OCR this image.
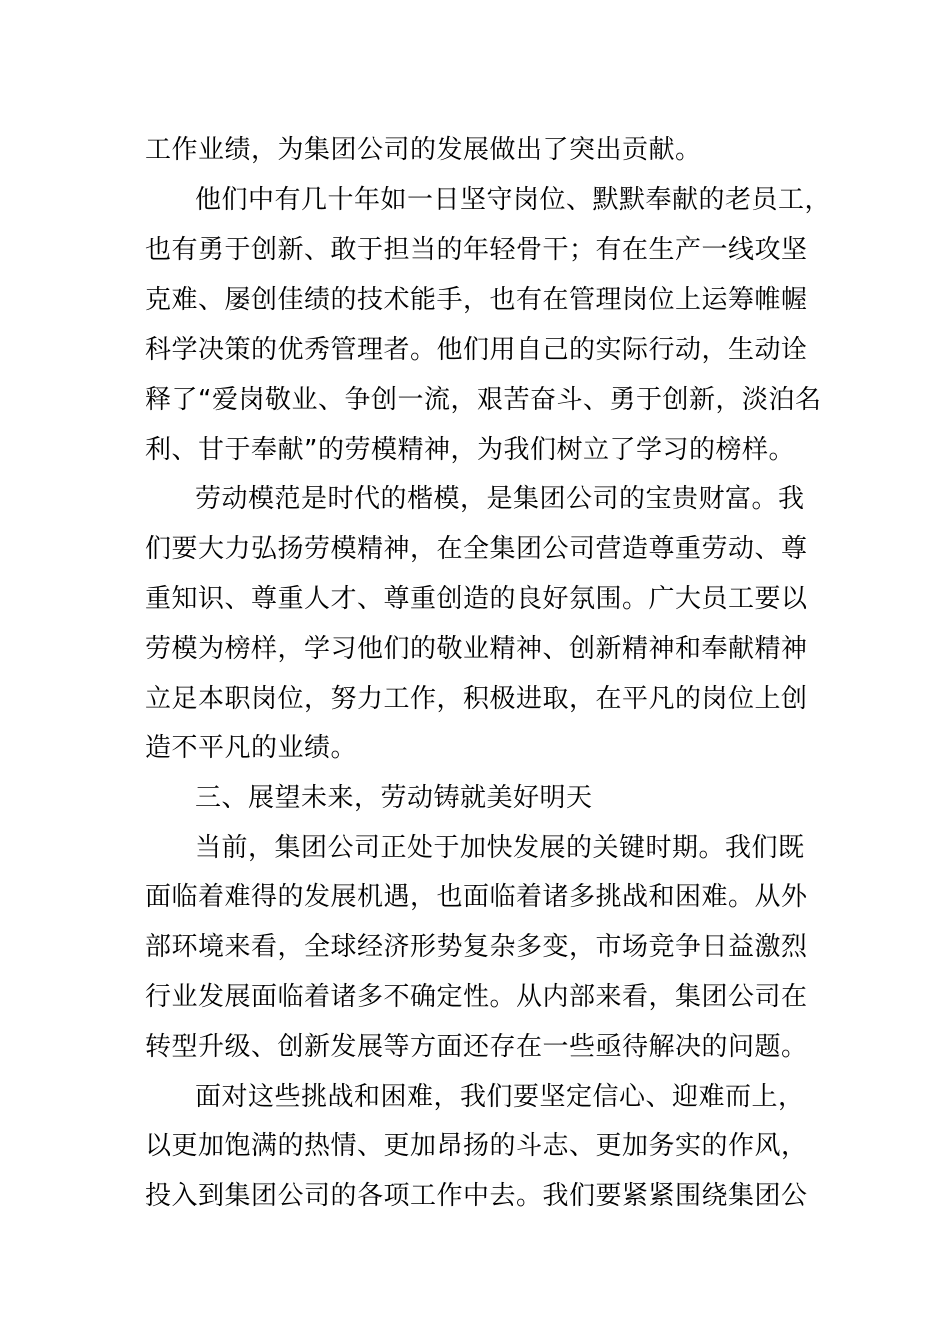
工作业绩，为集团公司的发展做出了突出贡献。
他们中有几十年如一日坚守岗位、默默奉献的老员工，
也有勇于创新、敢于担当的年轻骨干；有在生产一线攻坚
克难、屡创佳绩的技术能手，也有在管理岗位上运筹帷幄
科学决策的优秀管理者。他们用自己的实际行动，生动诠
释了“爱岗敬业、争创一流，艰苦奋斗、勇于创新，淡泊名
利、甘于奉献”的劳模精神，为我们树立了学习的榜样。
劳动模范是时代的楷模，是集团公司的宝贵财富。我
们要大力弘扬劳模精神，在全集团公司营造尊重劳动、尊
重知识、尊重人才、尊重创造的良好氛围。广大员工要以
劳模为榜样，学习他们的敬业精神、创新精神和奉献精神
立足本职岗位，努力工作，积极进取，在平凡的岗位上创
造不平凡的业绩。
三、展望未来，劳动铸就美好明天
当前，集团公司正处于加快发展的关键时期。我们既
面临着难得的发展机遇，也面临着诸多挑战和困难。从外
部环境来看，全球经济形势复杂多变，市场竞争日益激烈
行业发展面临着诸多不确定性。从内部来看，集团公司在
转型升级、创新发展等方面还存在一些亟待解决的问题。
面对这些挑战和困难，我们要坚定信心、迎难而上，
以更加饱满的热情、更加昂扬的斗志、更加务实的作风，
投入到集团公司的各项工作中去。我们要紧紧围绕集团公
